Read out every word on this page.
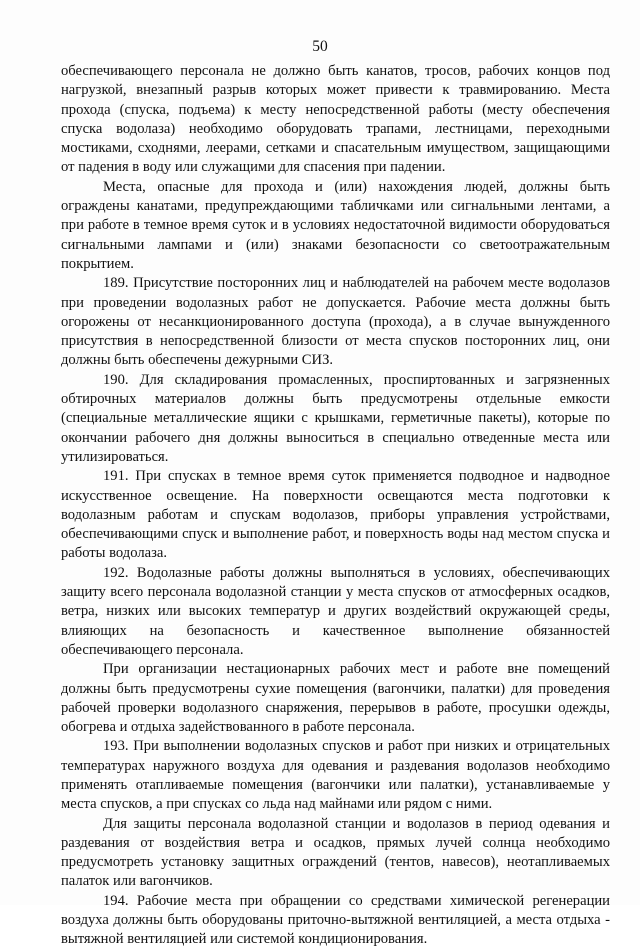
50

обеспечивающего персонала не должно быть канатов, тросов, рабочих концов под нагрузкой, внезапный разрыв которых может привести к травмированию. Места прохода (спуска, подъема) к месту непосредственной работы (месту обеспечения спуска водолаза) необходимо оборудовать трапами, лестницами, переходными мостиками, сходнями, леерами, сетками и спасательным имуществом, защищающими от падения в воду или служащими для спасения при падении.

Места, опасные для прохода и (или) нахождения людей, должны быть ограждены канатами, предупреждающими табличками или сигнальными лентами, а при работе в темное время суток и в условиях недостаточной видимости оборудоваться сигнальными лампами и (или) знаками безопасности со светоотражательным покрытием.

189. Присутствие посторонних лиц и наблюдателей на рабочем месте водолазов при проведении водолазных работ не допускается. Рабочие места должны быть огорожены от несанкционированного доступа (прохода), а в случае вынужденного присутствия в непосредственной близости от места спусков посторонних лиц, они должны быть обеспечены дежурными СИЗ.

190. Для складирования промасленных, проспиртованных и загрязненных обтирочных материалов должны быть предусмотрены отдельные емкости (специальные металлические ящики с крышками, герметичные пакеты), которые по окончании рабочего дня должны выноситься в специально отведенные места или утилизироваться.

191. При спусках в темное время суток применяется подводное и надводное искусственное освещение. На поверхности освещаются места подготовки к водолазным работам и спускам водолазов, приборы управления устройствами, обеспечивающими спуск и выполнение работ, и поверхность воды над местом спуска и работы водолаза.

192. Водолазные работы должны выполняться в условиях, обеспечивающих защиту всего персонала водолазной станции у места спусков от атмосферных осадков, ветра, низких или высоких температур и других воздействий окружающей среды, влияющих на безопасность и качественное выполнение обязанностей обеспечивающего персонала.

При организации нестационарных рабочих мест и работе вне помещений должны быть предусмотрены сухие помещения (вагончики, палатки) для проведения рабочей проверки водолазного снаряжения, перерывов в работе, просушки одежды, обогрева и отдыха задействованного в работе персонала.

193. При выполнении водолазных спусков и работ при низких и отрицательных температурах наружного воздуха для одевания и раздевания водолазов необходимо применять отапливаемые помещения (вагончики или палатки), устанавливаемые у места спусков, а при спусках со льда над майнами или рядом с ними.

Для защиты персонала водолазной станции и водолазов в период одевания и раздевания от воздействия ветра и осадков, прямых лучей солнца необходимо предусмотреть установку защитных ограждений (тентов, навесов), неотапливаемых палаток или вагончиков.

194. Рабочие места при обращении со средствами химической регенерации воздуха должны быть оборудованы приточно-вытяжной вентиляцией, а места отдыха - вытяжной вентиляцией или системой кондиционирования.
